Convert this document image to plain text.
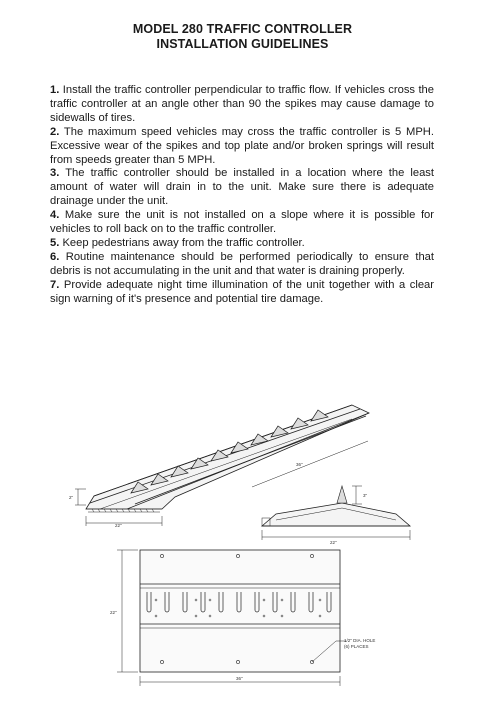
MODEL 280 TRAFFIC CONTROLLER
INSTALLATION GUIDELINES

1. Install the traffic controller perpendicular to traffic flow. If vehicles cross the traffic controller at an angle other than 90 the spikes may cause damage to sidewalls of tires.

2. The maximum speed vehicles may cross the traffic controller is 5 MPH. Excessive wear of the spikes and top plate and/or broken springs will result from speeds greater than 5 MPH.

3. The traffic controller should be installed in a location where the least amount of water will drain in to the unit. Make sure there is adequate drainage under the unit.

4. Make sure the unit is not installed on a slope where it is possible for vehicles to roll back on to the traffic controller.

5. Keep pedestrians away from the traffic controller.

6. Routine maintenance should be performed periodically to ensure that debris is not accumulating in the unit and that water is draining properly.

7. Provide adequate night time illumination of the unit together with a clear sign warning of it's presence and potential tire damage.

2"
22"
36"
3"
22"
22"
36"
1/2" DIA. HOLE
(6) PLACES
